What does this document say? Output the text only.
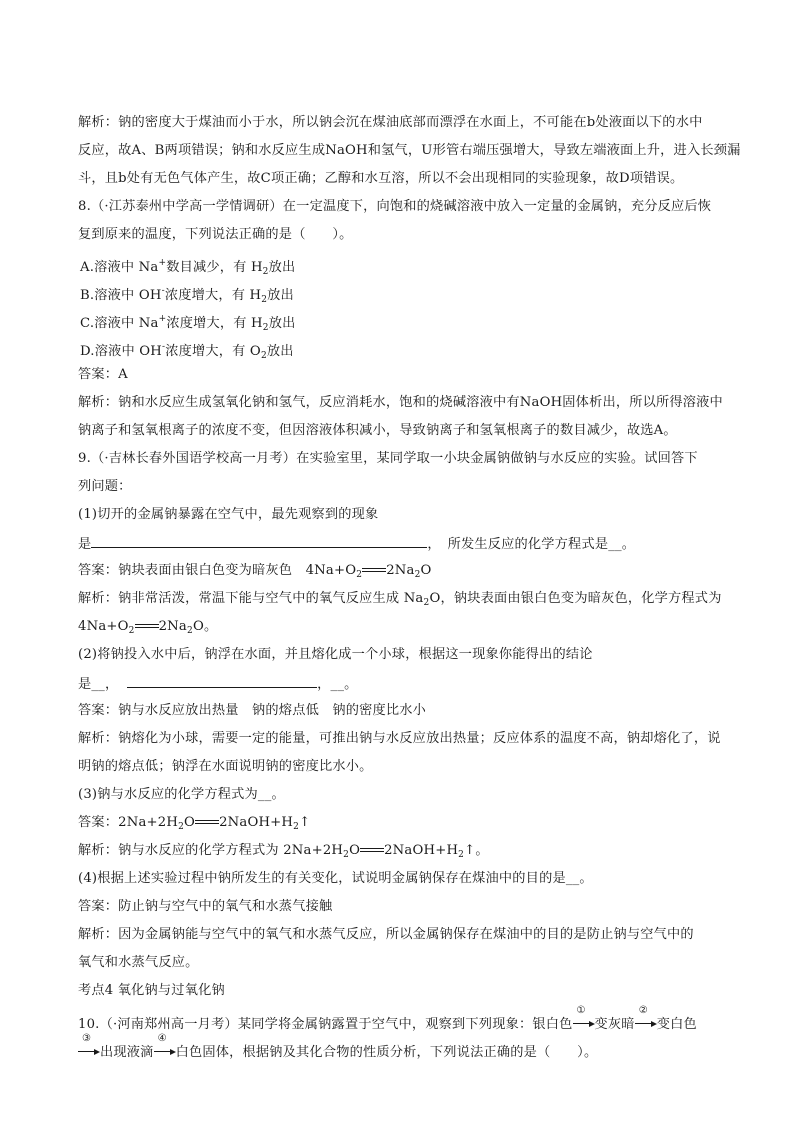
解析：钠的密度大于煤油而小于水，所以钠会沉在煤油底部而漂浮在水面上，不可能在b处液面以下的水中
反应，故A、B两项错误；钠和水反应生成NaOH和氢气，U形管右端压强增大，导致左端液面上升，进入长颈漏
斗，且b处有无色气体产生，故C项正确；乙醇和水互溶，所以不会出现相同的实验现象，故D项错误。
8.（·江苏泰州中学高一学情调研）在一定温度下，向饱和的烧碱溶液中放入一定量的金属钠，充分反应后恢
复到原来的温度，下列说法正确的是（　　）。
A.溶液中 Na+数目减少，有 $H_2$放出
B.溶液中 OH-浓度增大，有 $H_2$放出
C.溶液中 Na+浓度增大，有 $H_2$放出
D.溶液中 OH-浓度增大，有 $O_2$放出
答案：A
解析：钠和水反应生成氢氧化钠和氢气，反应消耗水，饱和的烧碱溶液中有NaOH固体析出，所以所得溶液中
钠离子和氢氧根离子的浓度不变，但因溶液体积减小，导致钠离子和氢氧根离子的数目减少，故选A。
9.（·吉林长春外国语学校高一月考）在实验室里，某同学取一小块金属钠做钠与水反应的实验。试回答下
列问题：
(1)切开的金属钠暴露在空气中，最先观察到的现象
是	，　所发生反应的化学方程式是__。
答案：钠块表面由银白色变为暗灰色　$4Na+O_2$ $2Na_2O$
解析：钠非常活泼，常温下能与空气中的氧气反应生成 $Na_2O$，钠块表面由银白色变为暗灰色，化学方程式为
$4Na+O_2$ $2Na_2O$。
(2)将钠投入水中后，钠浮在水面，并且熔化成一个小球，根据这一现象你能得出的结论
是__，	，__。
答案：钠与水反应放出热量　钠的熔点低　钠的密度比水小
解析：钠熔化为小球，需要一定的能量，可推出钠与水反应放出热量；反应体系的温度不高，钠却熔化了，说
明钠的熔点低；钠浮在水面说明钠的密度比水小。
(3)钠与水反应的化学方程式为__。
答案：$2Na+2H_2O$ $2NaOH+H_2↑$
解析：钠与水反应的化学方程式为 $2Na+2H_2O$ $2NaOH+H_2↑$。
(4)根据上述实验过程中钠所发生的有关变化，试说明金属钠保存在煤油中的目的是__。
答案：防止钠与空气中的氧气和水蒸气接触
解析：因为金属钠能与空气中的氧气和水蒸气反应，所以金属钠保存在煤油中的目的是防止钠与空气中的
氧气和水蒸气反应。
考点4 氧化钠与过氧化钠
10.（·河南郑州高一月考）某同学将金属钠露置于空气中，观察到下列现象：银白色
①
变灰暗
②
变白色
③
出现液滴
④
白色固体，根据钠及其化合物的性质分析，下列说法正确的是（　　）。
